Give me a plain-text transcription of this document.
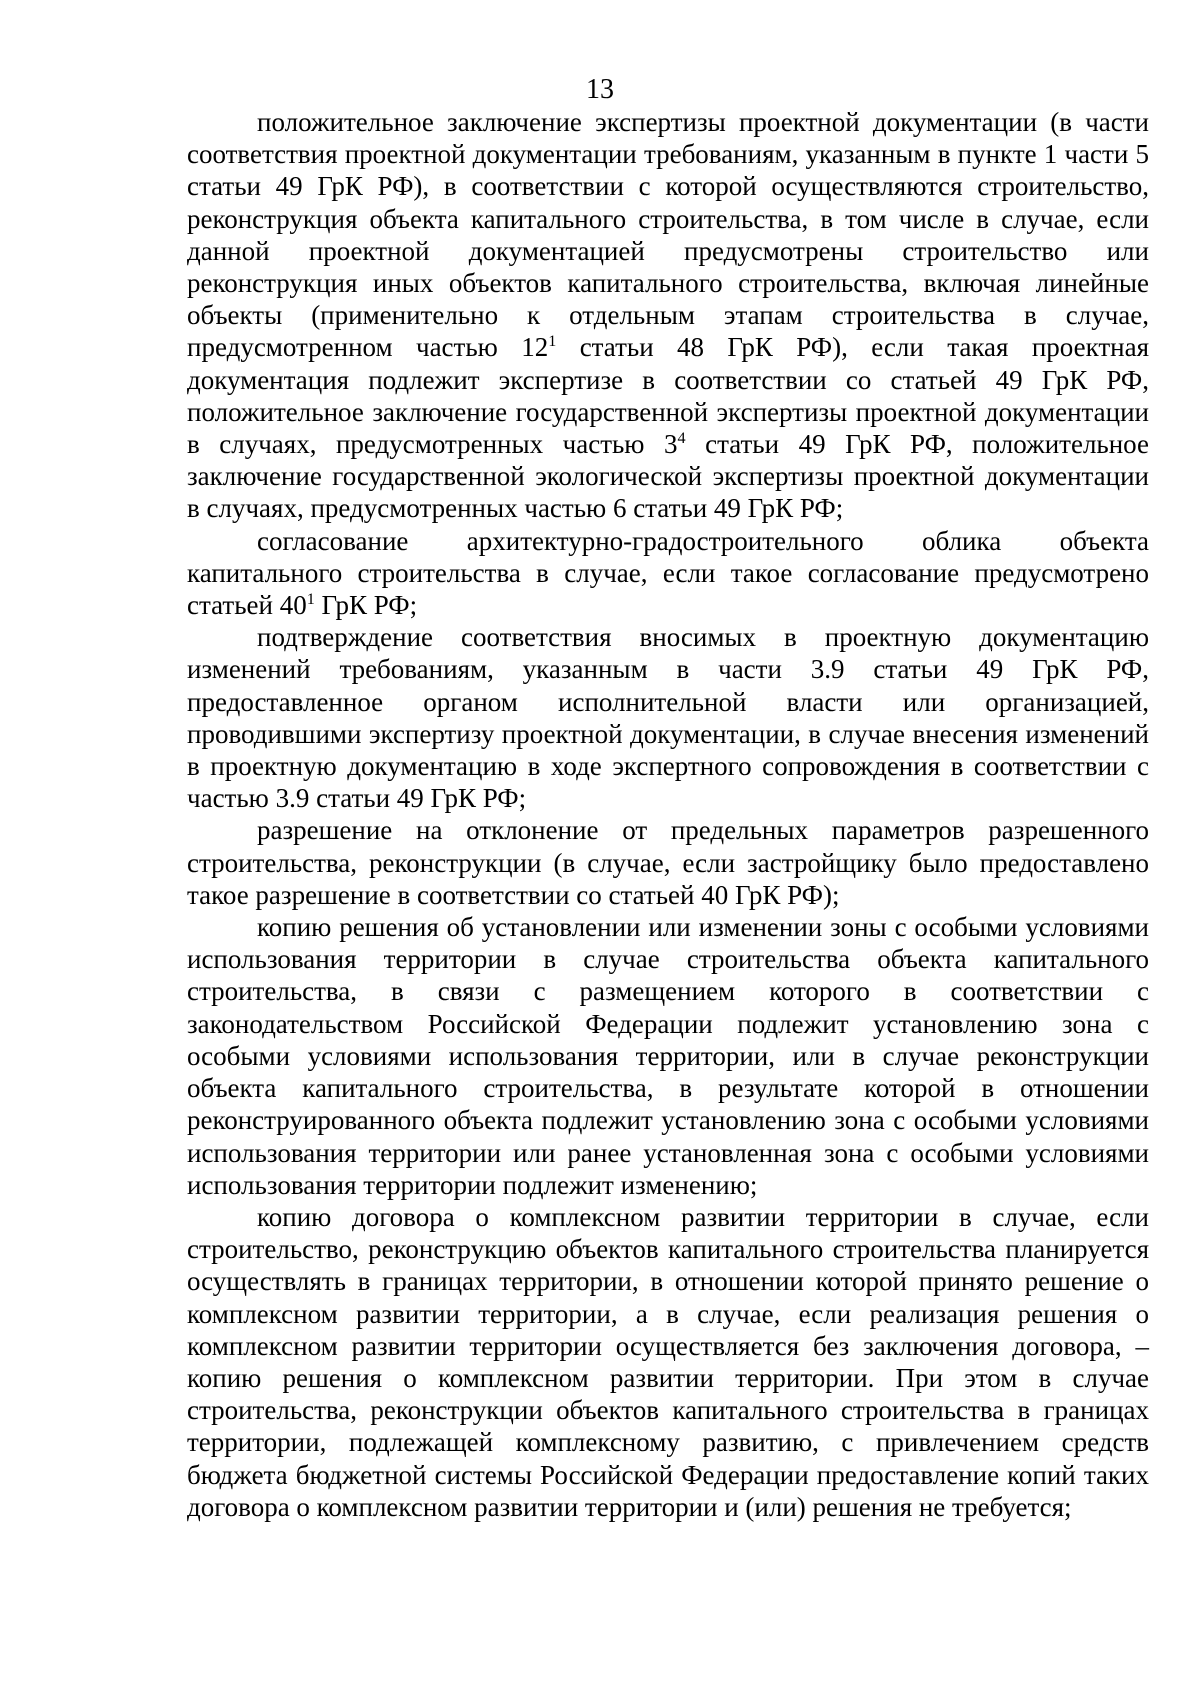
13

положительное заключение экспертизы проектной документации (в части соответствия проектной документации требованиям, указанным в пункте 1 части 5 статьи 49 ГрК РФ), в соответствии с которой осуществляются строительство, реконструкция объекта капитального строительства, в том числе в случае, если данной проектной документацией предусмотрены строительство или реконструкция иных объектов капитального строительства, включая линейные объекты (применительно к отдельным этапам строительства в случае, предусмотренном частью $12^1$ статьи 48 ГрК РФ), если такая проектная документация подлежит экспертизе в соответствии со статьей 49 ГрК РФ, положительное заключение государственной экспертизы проектной документации в случаях, предусмотренных частью $3^4$ статьи 49 ГрК РФ, положительное заключение государственной экологической экспертизы проектной документации в случаях, предусмотренных частью 6 статьи 49 ГрК РФ;

согласование архитектурно-градостроительного облика объекта капитального строительства в случае, если такое согласование предусмотрено статьей $40^1$ ГрК РФ;

подтверждение соответствия вносимых в проектную документацию изменений требованиям, указанным в части 3.9 статьи 49 ГрК РФ, предоставленное органом исполнительной власти или организацией, проводившими экспертизу проектной документации, в случае внесения изменений в проектную документацию в ходе экспертного сопровождения в соответствии с частью 3.9 статьи 49 ГрК РФ;

разрешение на отклонение от предельных параметров разрешенного строительства, реконструкции (в случае, если застройщику было предоставлено такое разрешение в соответствии со статьей 40 ГрК РФ);

копию решения об установлении или изменении зоны с особыми условиями использования территории в случае строительства объекта капитального строительства, в связи с размещением которого в соответствии с законодательством Российской Федерации подлежит установлению зона с особыми условиями использования территории, или в случае реконструкции объекта капитального строительства, в результате которой в отношении реконструированного объекта подлежит установлению зона с особыми условиями использования территории или ранее установленная зона с особыми условиями использования территории подлежит изменению;

копию договора о комплексном развитии территории в случае, если строительство, реконструкцию объектов капитального строительства планируется осуществлять в границах территории, в отношении которой принято решение о комплексном развитии территории, а в случае, если реализация решения о комплексном развитии территории осуществляется без заключения договора, – копию решения о комплексном развитии территории. При этом в случае строительства, реконструкции объектов капитального строительства в границах территории, подлежащей комплексному развитию, с привлечением средств бюджета бюджетной системы Российской Федерации предоставление копий таких договора о комплексном развитии территории и (или) решения не требуется;
